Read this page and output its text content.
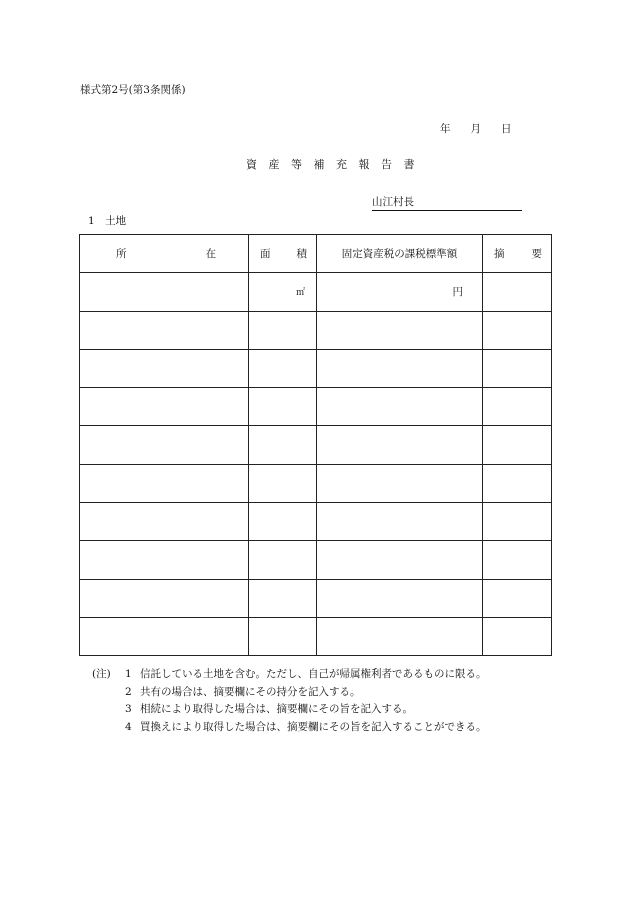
様式第2号(第3条関係)
年 月 日
資 産 等 補 充 報 告 書
山江村長
1　土地
所 在	面 積	固定資産税の課税標準額	摘 要

	㎡	円	

(注)	1 信託している土地を含む。ただし、自己が帰属権利者であるものに限る。
2 共有の場合は、摘要欄にその持分を記入する。
3 相続により取得した場合は、摘要欄にその旨を記入する。
4 買換えにより取得した場合は、摘要欄にその旨を記入することができる。
